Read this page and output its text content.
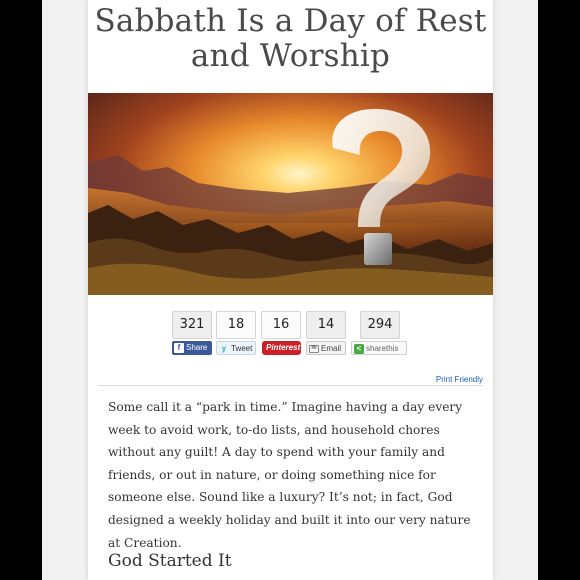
Sabbath Is a Day of Rest and Worship
321
f Share
18
y Tweet
16
Pinterest
14
✉ Email
294
< sharethis
Print Friendly

Some call it a “park in time.” Imagine having a day every week to avoid work, to-do lists, and household chores without any guilt! A day to spend with your family and friends, or out in nature, or doing something nice for someone else. Sound like a luxury? It’s not; in fact, God designed a weekly holiday and built it into our very nature at Creation.

God Started It
